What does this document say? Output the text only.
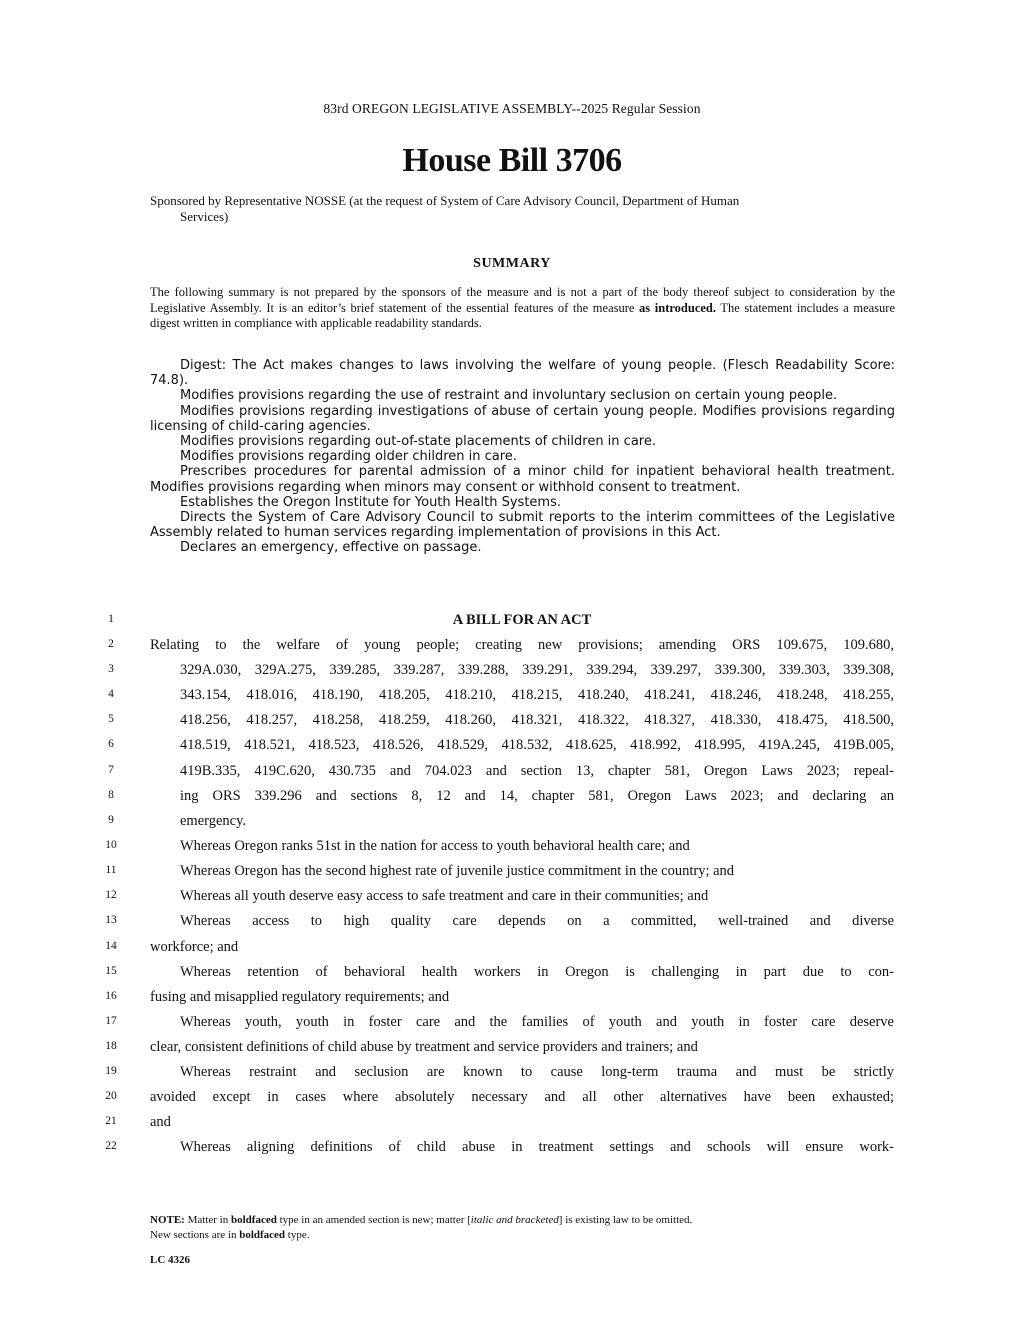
83rd OREGON LEGISLATIVE ASSEMBLY--2025 Regular Session
House Bill 3706
Sponsored by Representative NOSSE (at the request of System of Care Advisory Council, Department of Human
Services)
SUMMARY
The following summary is not prepared by the sponsors of the measure and is not a part of the body thereof subject to consideration by the Legislative Assembly. It is an editor’s brief statement of the essential features of the measure as introduced. The statement includes a measure digest written in compliance with applicable readability standards.

Digest: The Act makes changes to laws involving the welfare of young people. (Flesch Readability Score: 74.8).

Modifies provisions regarding the use of restraint and involuntary seclusion on certain young people.

Modifies provisions regarding investigations of abuse of certain young people. Modifies provisions regarding licensing of child-caring agencies.

Modifies provisions regarding out-of-state placements of children in care.

Modifies provisions regarding older children in care.

Prescribes procedures for parental admission of a minor child for inpatient behavioral health treatment. Modifies provisions regarding when minors may consent or withhold consent to treatment.

Establishes the Oregon Institute for Youth Health Systems.

Directs the System of Care Advisory Council to submit reports to the interim committees of the Legislative Assembly related to human services regarding implementation of provisions in this Act.

Declares an emergency, effective on passage.

1
2
3
4
5
6
7
8
9
10
11
12
13
14
15
16
17
18
19
20
21
22
A BILL FOR AN ACT
Relating to the welfare of young people; creating new provisions; amending ORS 109.675, 109.680,
329A.030, 329A.275, 339.285, 339.287, 339.288, 339.291, 339.294, 339.297, 339.300, 339.303, 339.308,
343.154, 418.016, 418.190, 418.205, 418.210, 418.215, 418.240, 418.241, 418.246, 418.248, 418.255,
418.256, 418.257, 418.258, 418.259, 418.260, 418.321, 418.322, 418.327, 418.330, 418.475, 418.500,
418.519, 418.521, 418.523, 418.526, 418.529, 418.532, 418.625, 418.992, 418.995, 419A.245, 419B.005,
419B.335, 419C.620, 430.735 and 704.023 and section 13, chapter 581, Oregon Laws 2023; repeal-
ing ORS 339.296 and sections 8, 12 and 14, chapter 581, Oregon Laws 2023; and declaring an
emergency.
Whereas Oregon ranks 51st in the nation for access to youth behavioral health care; and
Whereas Oregon has the second highest rate of juvenile justice commitment in the country; and
Whereas all youth deserve easy access to safe treatment and care in their communities; and
Whereas access to high quality care depends on a committed, well-trained and diverse
workforce; and
Whereas retention of behavioral health workers in Oregon is challenging in part due to con-
fusing and misapplied regulatory requirements; and
Whereas youth, youth in foster care and the families of youth and youth in foster care deserve
clear, consistent definitions of child abuse by treatment and service providers and trainers; and
Whereas restraint and seclusion are known to cause long-term trauma and must be strictly
avoided except in cases where absolutely necessary and all other alternatives have been exhausted;
and
Whereas aligning definitions of child abuse in treatment settings and schools will ensure work-
NOTE: Matter in boldfaced type in an amended section is new; matter [italic and bracketed] is existing law to be omitted.
New sections are in boldfaced type.
LC 4326
